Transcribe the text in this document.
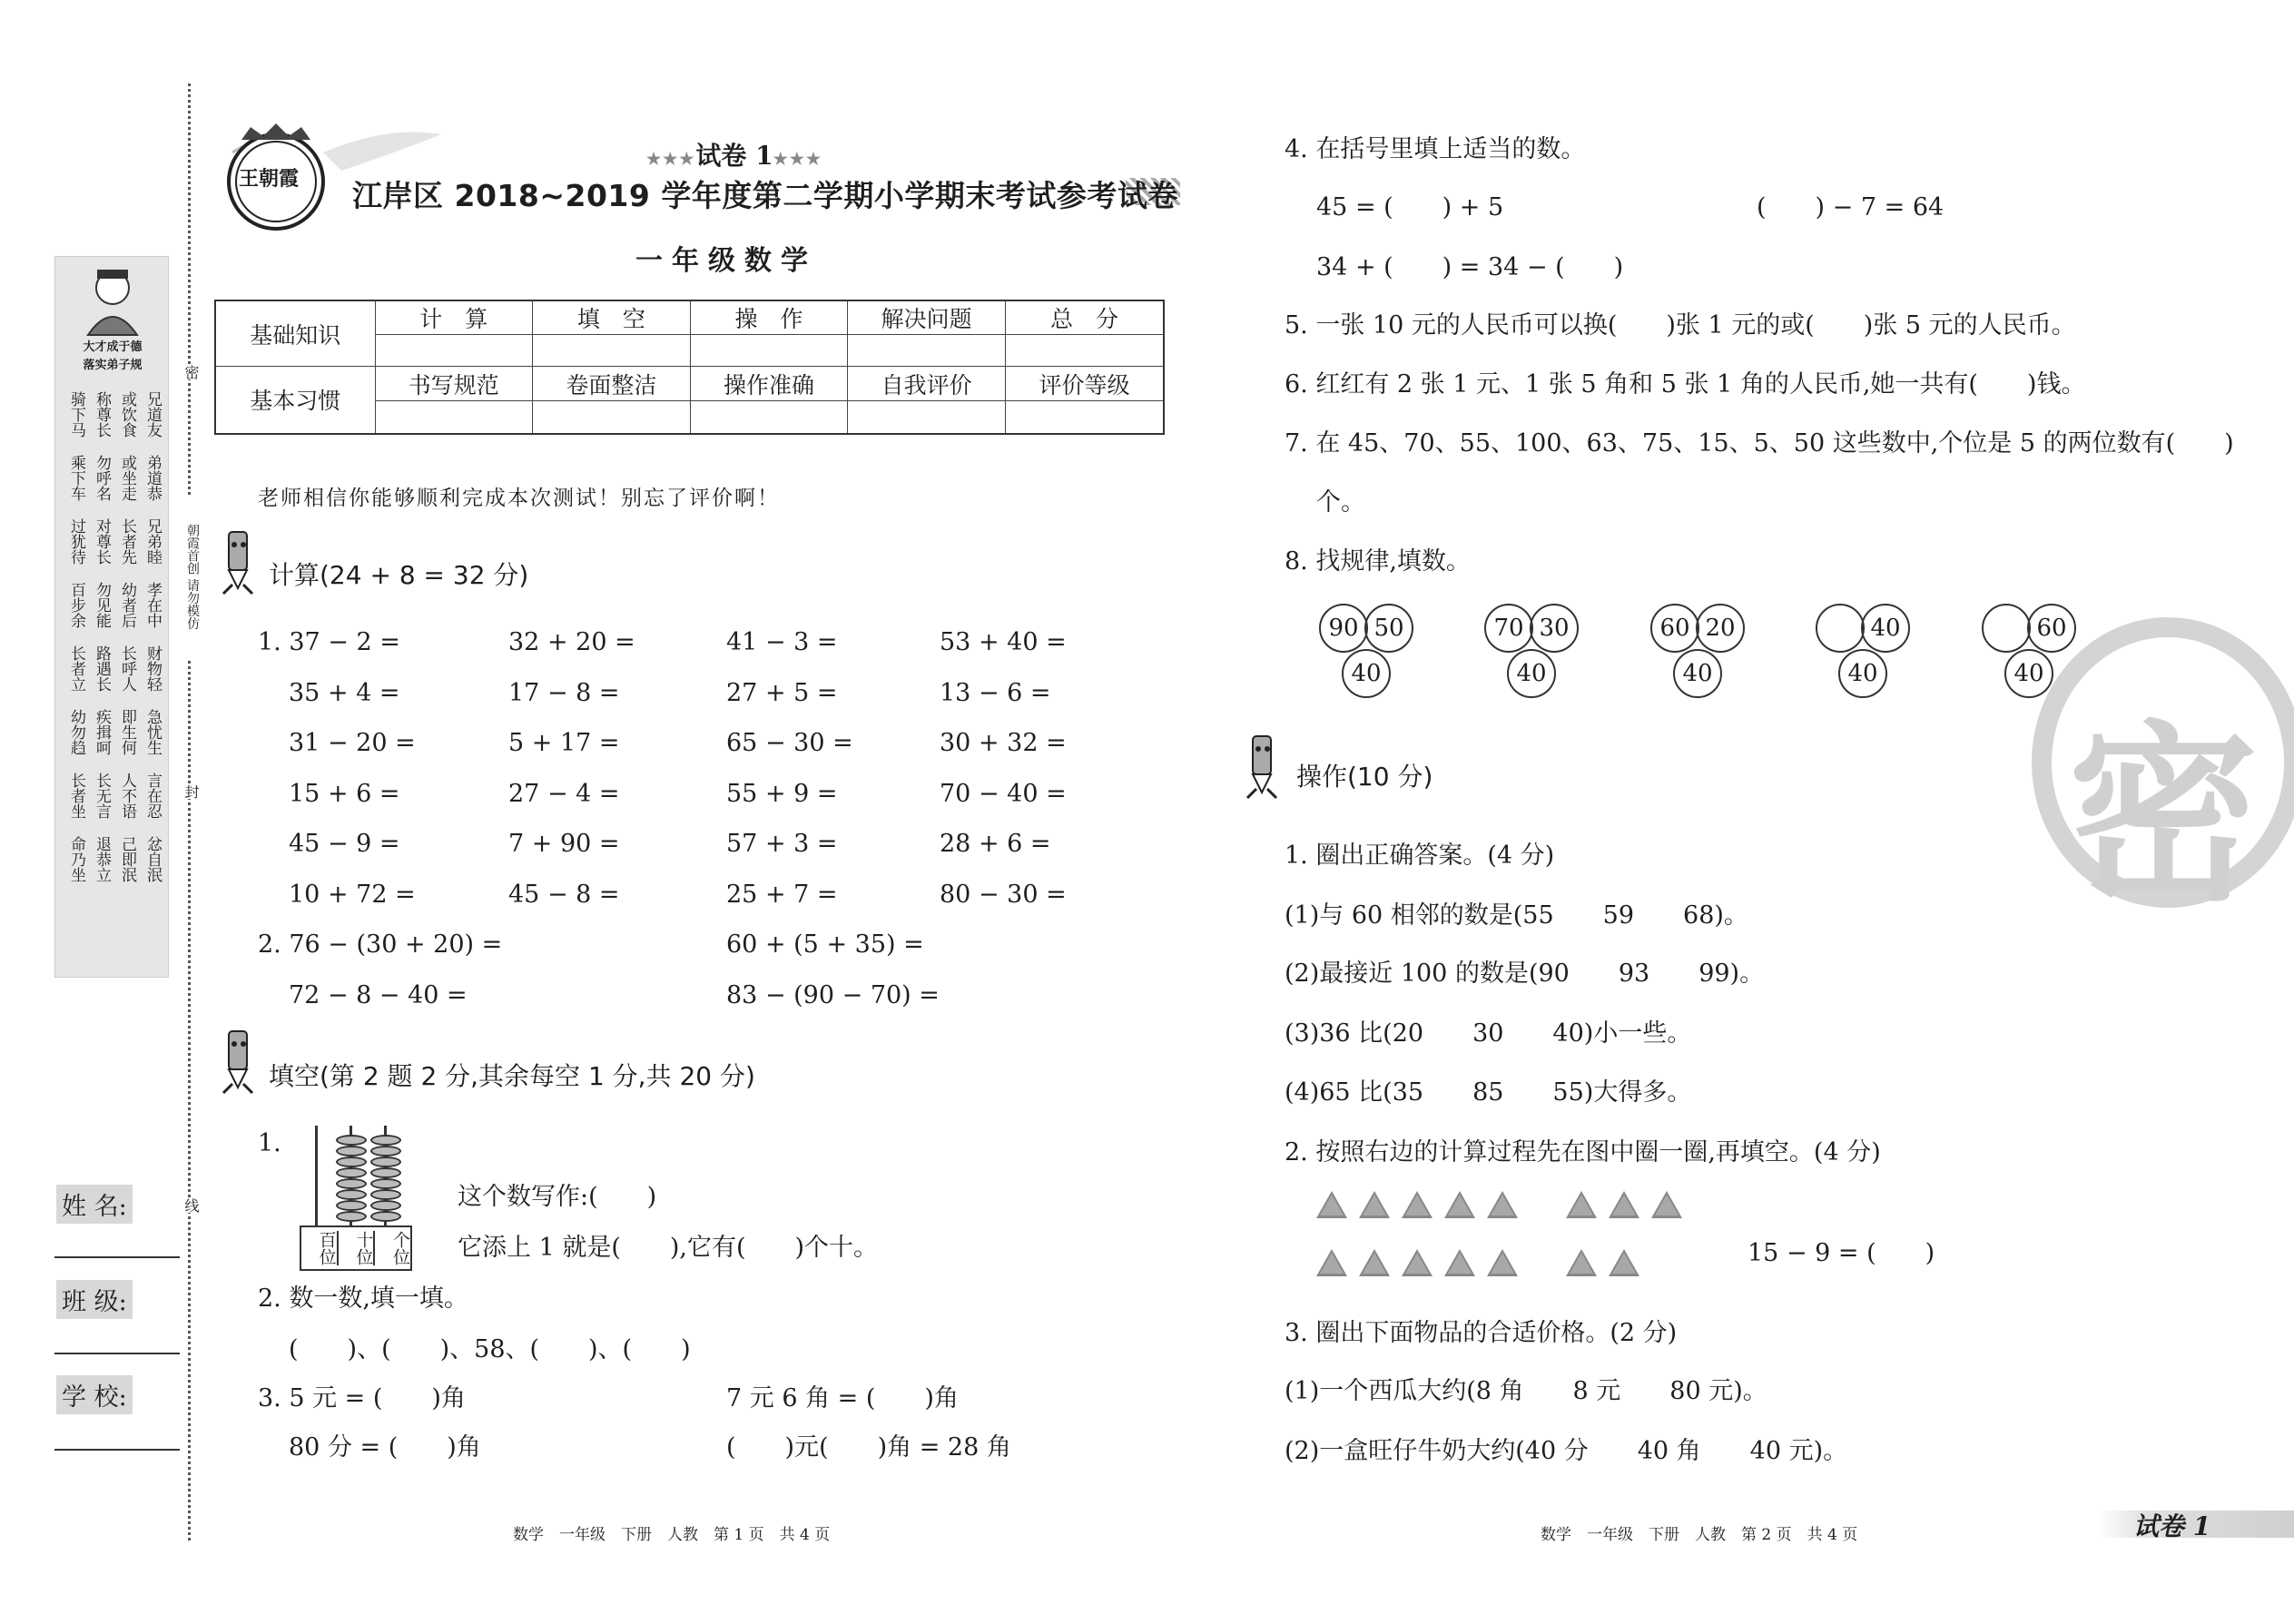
密
朝霞首创 请勿模仿
封
线
大才成于德
落实弟子规
骑下马 称尊长 或饮食 兄道友
乘下车 勿呼名 或坐走 弟道恭
过犹待 对尊长 长者先 兄弟睦
百步余 勿见能 幼者后 孝在中
长者立 路遇长 长呼人 财物轻
幼勿趋 疾揖呵 即生何 急忧生
长者坐 长无言 人不语 言在忍
命乃坐 退恭立 己即泯 忿自泯
姓 名:
班 级:
学 校:
王朝霞
★★★试卷 1★★★
江岸区 2018~2019 学年度第二学期小学期末考试参考试卷
一年级数学
基础知识	计　算	填　空	操　作	解决问题	总　分

基本习惯	书写规范	卷面整洁	操作准确	自我评价	评价等级

老师相信你能够顺利完成本次测试！别忘了评价啊！
计算(24 + 8 = 32 分)
填空(第 2 题 2 分,其余每空 1 分,共 20 分)
1.
百位 十位 个位
这个数写作:(　　)
它添上 1 就是(　　),它有(　　)个十。
2. 数一数,填一填。
(　　)、(　　)、58、(　　)、(　　)
3. 5 元 = (　　)角	7 元 6 角 = (　　)角
80 分 = (　　)角	(　　)元(　　)角 = 28 角
数学　一年级　下册　人教　第 1 页　共 4 页
密
4. 在括号里填上适当的数。
45 = (　　) + 5	(　　) − 7 = 64
34 + (　　) = 34 − (　　)
5. 一张 10 元的人民币可以换(　　)张 1 元的或(　　)张 5 元的人民币。
6. 红红有 2 张 1 元、1 张 5 角和 5 张 1 角的人民币,她一共有(　　)钱。
7. 在 45、70、55、100、63、75、15、5、50 这些数中,个位是 5 的两位数有(　　)
个。
8. 找规律,填数。
90 50
40
70 30
40
60 20
40
40
40
60
40
操作(10 分)
1. 圈出正确答案。(4 分)
(1)与 60 相邻的数是(55　　59　　68)。
(2)最接近 100 的数是(90　　93　　99)。
(3)36 比(20　　30　　40)小一些。
(4)65 比(35　　85　　55)大得多。
2. 按照右边的计算过程先在图中圈一圈,再填空。(4 分)
15 − 9 = (　　)
3. 圈出下面物品的合适价格。(2 分)
(1)一个西瓜大约(8 角　　8 元　　80 元)。
(2)一盒旺仔牛奶大约(40 分　　40 角　　40 元)。
数学　一年级　下册　人教　第 2 页　共 4 页	试卷 1
1. 37 − 2 =	32 + 20 =	41 − 3 =	53 + 40 =
35 + 4 =	17 − 8 =	27 + 5 =	13 − 6 =
31 − 20 =	5 + 17 =	65 − 30 =	30 + 32 =
15 + 6 =	27 − 4 =	55 + 9 =	70 − 40 =
45 − 9 =	7 + 90 =	57 + 3 =	28 + 6 =
10 + 72 =	45 − 8 =	25 + 7 =	80 − 30 =
2. 76 − (30 + 20) =	60 + (5 + 35) =
72 − 8 − 40 =	83 − (90 − 70) =
